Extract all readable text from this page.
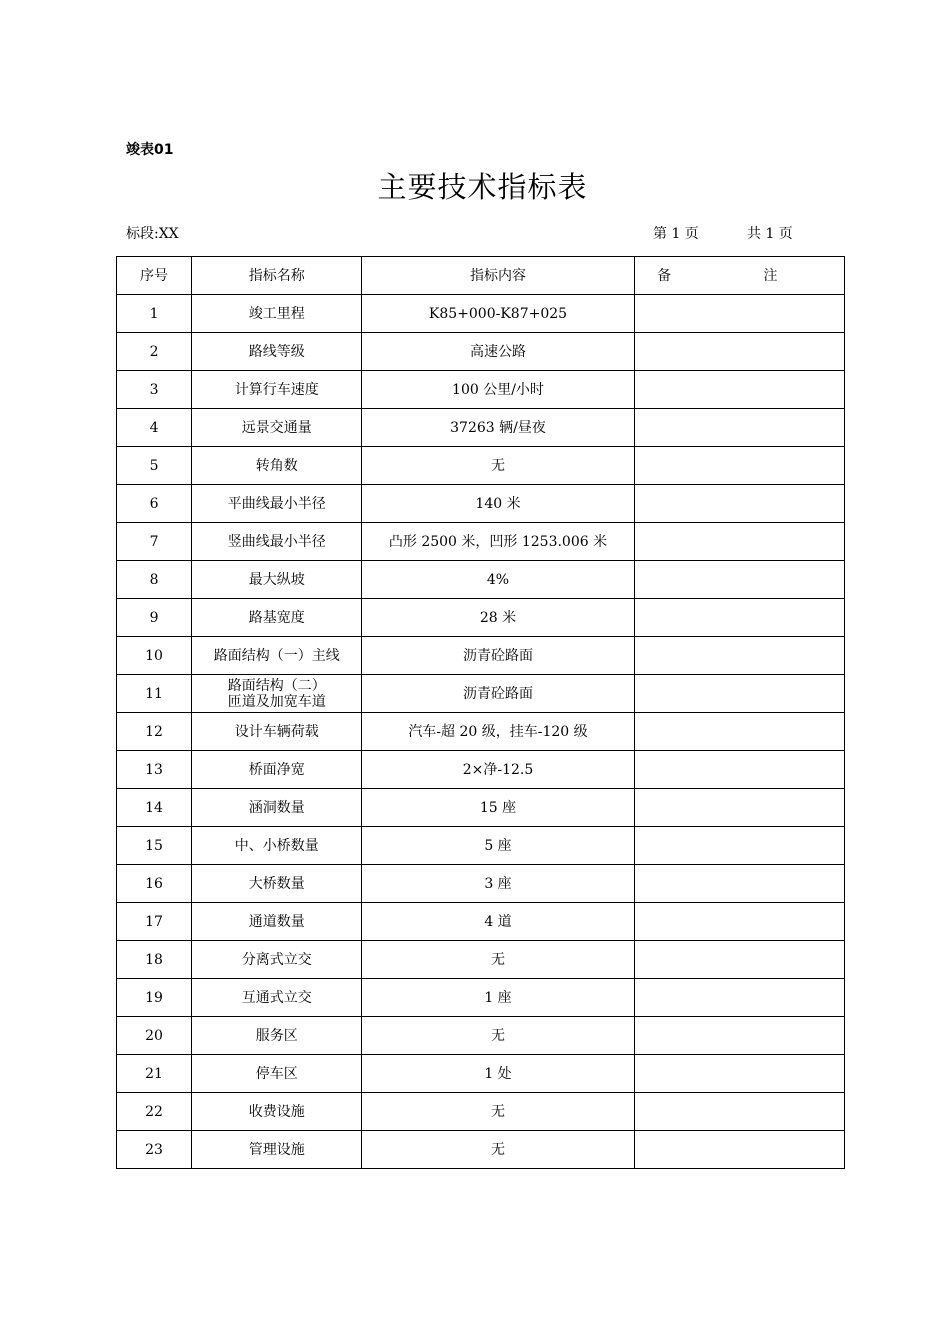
竣表01
主要技术指标表
标段:XX	第 1 页	共 1 页
序号	指标名称	指标内容	备 注
1	竣工里程	K85+000-K87+025	
2	路线等级	高速公路	
3	计算行车速度	100 公里/小时	
4	远景交通量	37263 辆/昼夜	
5	转角数	无	
6	平曲线最小半径	140 米	
7	竖曲线最小半径	凸形 2500 米，凹形 1253.006 米	
8	最大纵坡	4%	
9	路基宽度	28 米	
10	路面结构（一）主线	沥青砼路面	
11	路面结构（二）
匝道及加宽车道	沥青砼路面	
12	设计车辆荷载	汽车-超 20 级，挂车-120 级	
13	桥面净宽	2×净-12.5	
14	涵洞数量	15 座	
15	中、小桥数量	5 座	
16	大桥数量	3 座	
17	通道数量	4 道	
18	分离式立交	无	
19	互通式立交	1 座	
20	服务区	无	
21	停车区	1 处	
22	收费设施	无	
23	管理设施	无	
